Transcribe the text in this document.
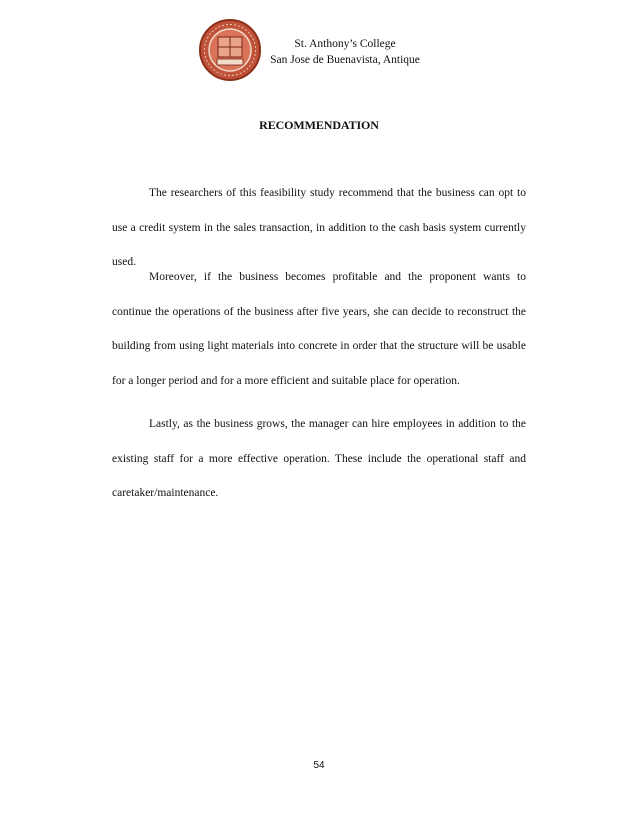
St. Anthony’s College
San Jose de Buenavista, Antique
RECOMMENDATION

The researchers of this feasibility study recommend that the business can opt to use a credit system in the sales transaction, in addition to the cash basis system currently used.

Moreover, if the business becomes profitable and the proponent wants to continue the operations of the business after five years, she can decide to reconstruct the building from using light materials into concrete in order that the structure will be usable for a longer period and for a more efficient and suitable place for operation.

Lastly, as the business grows, the manager can hire employees in addition to the existing staff for a more effective operation. These include the operational staff and caretaker/maintenance.

54
